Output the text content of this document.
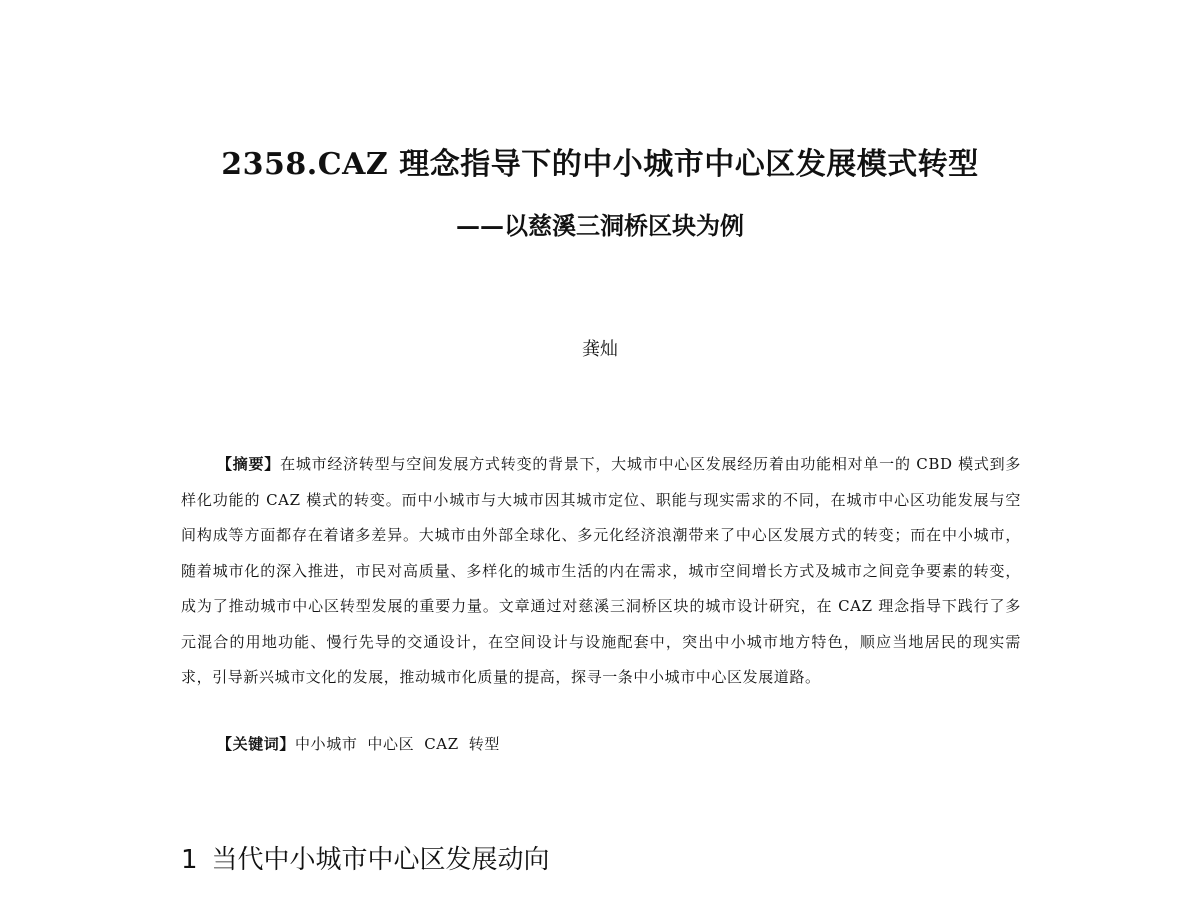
2358.CAZ 理念指导下的中小城市中心区发展模式转型
——以慈溪三洞桥区块为例
龚灿
【摘要】在城市经济转型与空间发展方式转变的背景下，大城市中心区发展经历着由功能相对单一的 CBD 模式到多样化功能的 CAZ 模式的转变。而中小城市与大城市因其城市定位、职能与现实需求的不同，在城市中心区功能发展与空间构成等方面都存在着诸多差异。大城市由外部全球化、多元化经济浪潮带来了中心区发展方式的转变；而在中小城市，随着城市化的深入推进，市民对高质量、多样化的城市生活的内在需求，城市空间增长方式及城市之间竞争要素的转变，成为了推动城市中心区转型发展的重要力量。文章通过对慈溪三洞桥区块的城市设计研究，在 CAZ 理念指导下践行了多元混合的用地功能、慢行先导的交通设计，在空间设计与设施配套中，突出中小城市地方特色，顺应当地居民的现实需求，引导新兴城市文化的发展，推动城市化质量的提高，探寻一条中小城市中心区发展道路。
【关键词】中小城市 中心区 CAZ 转型
1 当代中小城市中心区发展动向
